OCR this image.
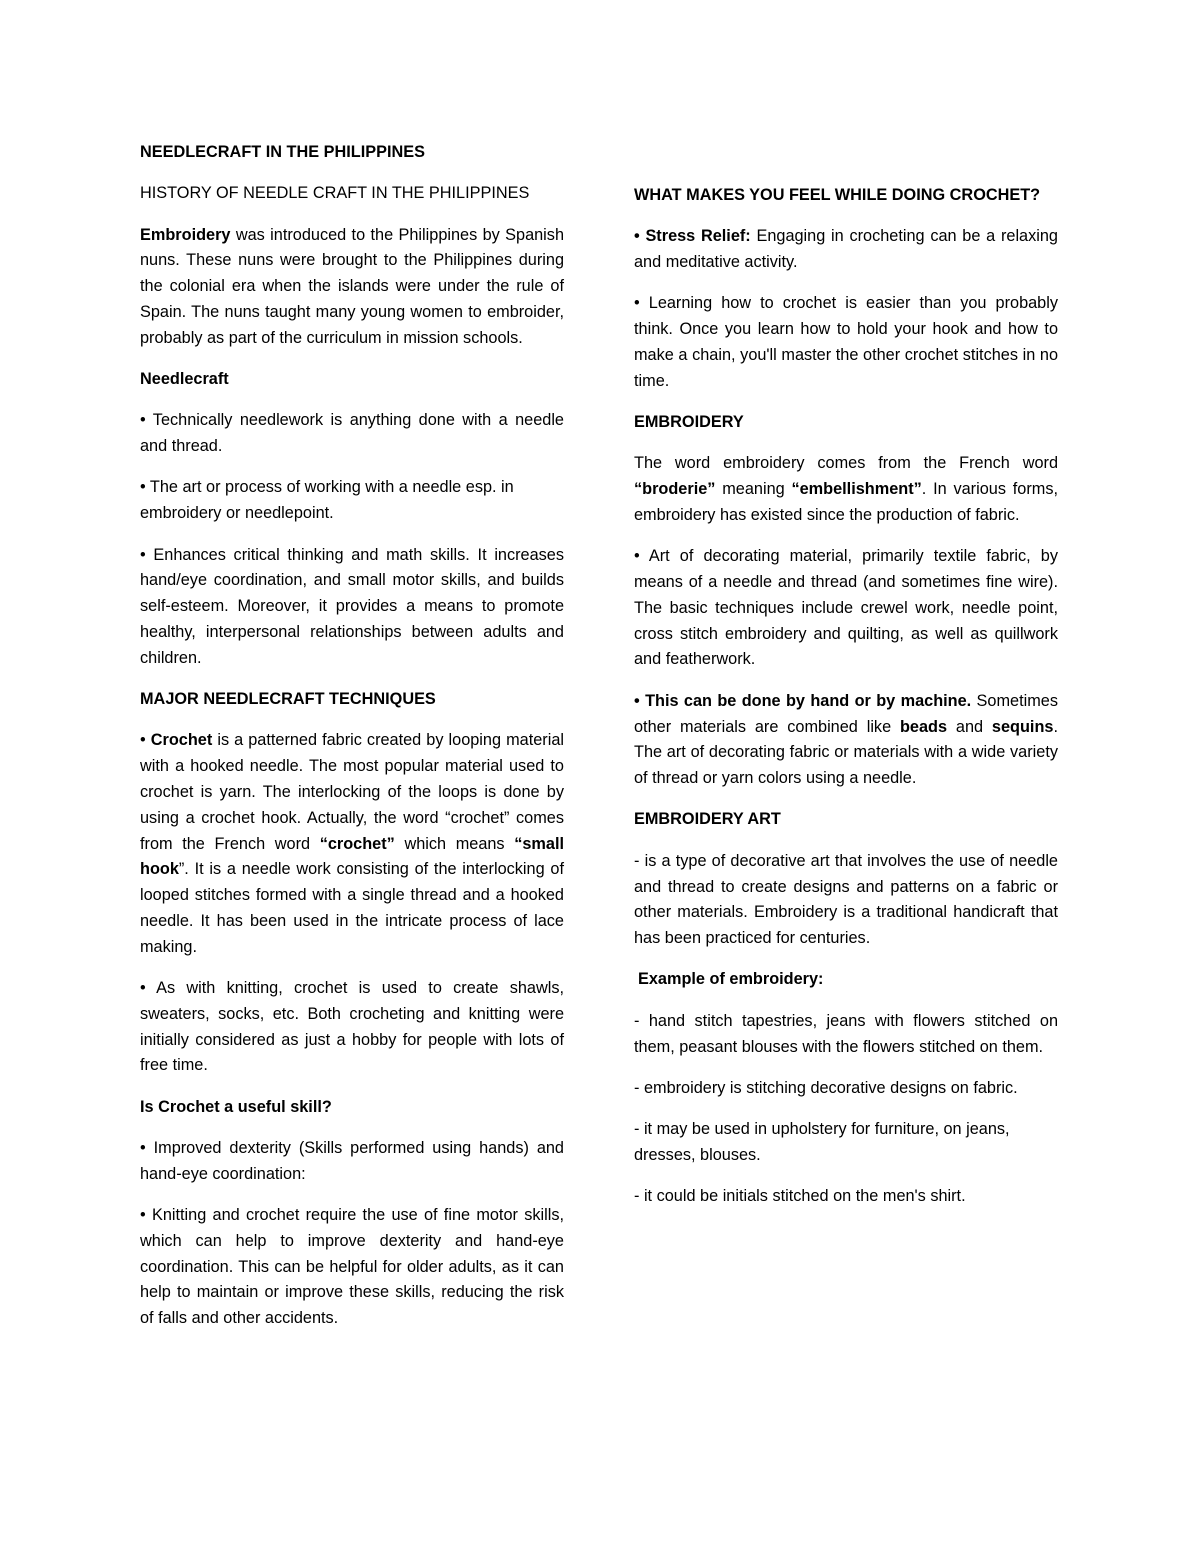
NEEDLECRAFT IN THE PHILIPPINES

HISTORY OF NEEDLE CRAFT IN THE PHILIPPINES

Embroidery was introduced to the Philippines by Spanish nuns. These nuns were brought to the Philippines during the colonial era when the islands were under the rule of Spain. The nuns taught many young women to embroider, probably as part of the curriculum in mission schools.

Needlecraft

• Technically needlework is anything done with a needle and thread.

• The art or process of working with a needle esp. in embroidery or needlepoint.

• Enhances critical thinking and math skills. It increases hand/eye coordination, and small motor skills, and builds self-esteem. Moreover, it provides a means to promote healthy, interpersonal relationships between adults and children.

MAJOR NEEDLECRAFT TECHNIQUES

• Crochet is a patterned fabric created by looping material with a hooked needle. The most popular material used to crochet is yarn. The interlocking of the loops is done by using a crochet hook. Actually, the word “crochet” comes from the French word “crochet” which means “small hook”. It is a needle work consisting of the interlocking of looped stitches formed with a single thread and a hooked needle. It has been used in the intricate process of lace making.

• As with knitting, crochet is used to create shawls, sweaters, socks, etc. Both crocheting and knitting were initially considered as just a hobby for people with lots of free time.

Is Crochet a useful skill?

• Improved dexterity (Skills performed using hands) and hand-eye coordination:

• Knitting and crochet require the use of fine motor skills, which can help to improve dexterity and hand-eye coordination. This can be helpful for older adults, as it can help to maintain or improve these skills, reducing the risk of falls and other accidents.

WHAT MAKES YOU FEEL WHILE DOING CROCHET?

• Stress Relief: Engaging in crocheting can be a relaxing and meditative activity.

• Learning how to crochet is easier than you probably think. Once you learn how to hold your hook and how to make a chain, you'll master the other crochet stitches in no time.

EMBROIDERY

The word embroidery comes from the French word “broderie” meaning “embellishment”. In various forms, embroidery has existed since the production of fabric.

• Art of decorating material, primarily textile fabric, by means of a needle and thread (and sometimes fine wire). The basic techniques include crewel work, needle point, cross stitch embroidery and quilting, as well as quillwork and featherwork.

• This can be done by hand or by machine. Sometimes other materials are combined like beads and sequins. The art of decorating fabric or materials with a wide variety of thread or yarn colors using a needle.

EMBROIDERY ART

- is a type of decorative art that involves the use of needle and thread to create designs and patterns on a fabric or other materials. Embroidery is a traditional handicraft that has been practiced for centuries.

Example of embroidery:

- hand stitch tapestries, jeans with flowers stitched on them, peasant blouses with the flowers stitched on them.

- embroidery is stitching decorative designs on fabric.

- it may be used in upholstery for furniture, on jeans, dresses, blouses.

- it could be initials stitched on the men's shirt.
